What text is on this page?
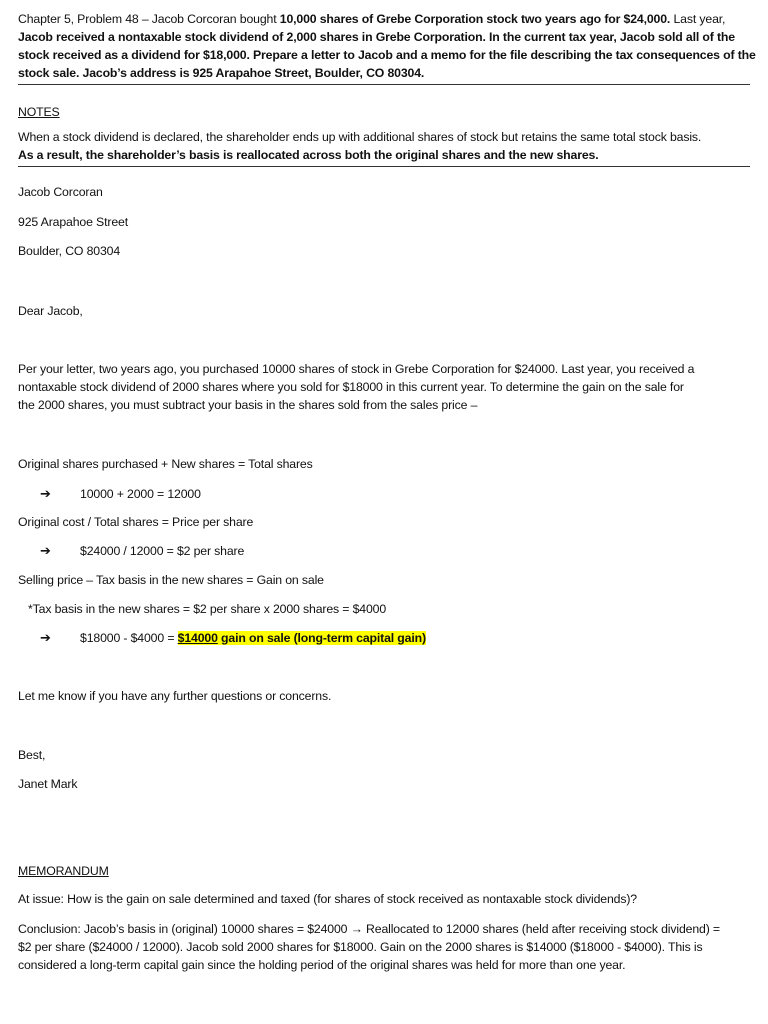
Chapter 5, Problem 48 – Jacob Corcoran bought 10,000 shares of Grebe Corporation stock two years ago for $24,000. Last year,
Jacob received a nontaxable stock dividend of 2,000 shares in Grebe Corporation. In the current tax year, Jacob sold all of the
stock received as a dividend for $18,000. Prepare a letter to Jacob and a memo for the file describing the tax consequences of the
stock sale. Jacob’s address is 925 Arapahoe Street, Boulder, CO 80304.
NOTES
When a stock dividend is declared, the shareholder ends up with additional shares of stock but retains the same total stock basis.
As a result, the shareholder’s basis is reallocated across both the original shares and the new shares.
Jacob Corcoran
925 Arapahoe Street
Boulder, CO 80304
Dear Jacob,
Per your letter, two years ago, you purchased 10000 shares of stock in Grebe Corporation for $24000. Last year, you received a
nontaxable stock dividend of 2000 shares where you sold for $18000 in this current year. To determine the gain on the sale for
the 2000 shares, you must subtract your basis in the shares sold from the sales price –
Original shares purchased + New shares = Total shares
➔ 10000 + 2000 = 12000
Original cost / Total shares = Price per share
➔ $24000 / 12000 = $2 per share
Selling price – Tax basis in the new shares = Gain on sale
*Tax basis in the new shares = $2 per share x 2000 shares = $4000
➔ $18000 - $4000 = $14000 gain on sale (long-term capital gain)
Let me know if you have any further questions or concerns.
Best,
Janet Mark
MEMORANDUM
At issue: How is the gain on sale determined and taxed (for shares of stock received as nontaxable stock dividends)?
Conclusion: Jacob’s basis in (original) 10000 shares = $24000 → Reallocated to 12000 shares (held after receiving stock dividend) =
$2 per share ($24000 / 12000). Jacob sold 2000 shares for $18000. Gain on the 2000 shares is $14000 ($18000 - $4000). This is
considered a long-term capital gain since the holding period of the original shares was held for more than one year.
